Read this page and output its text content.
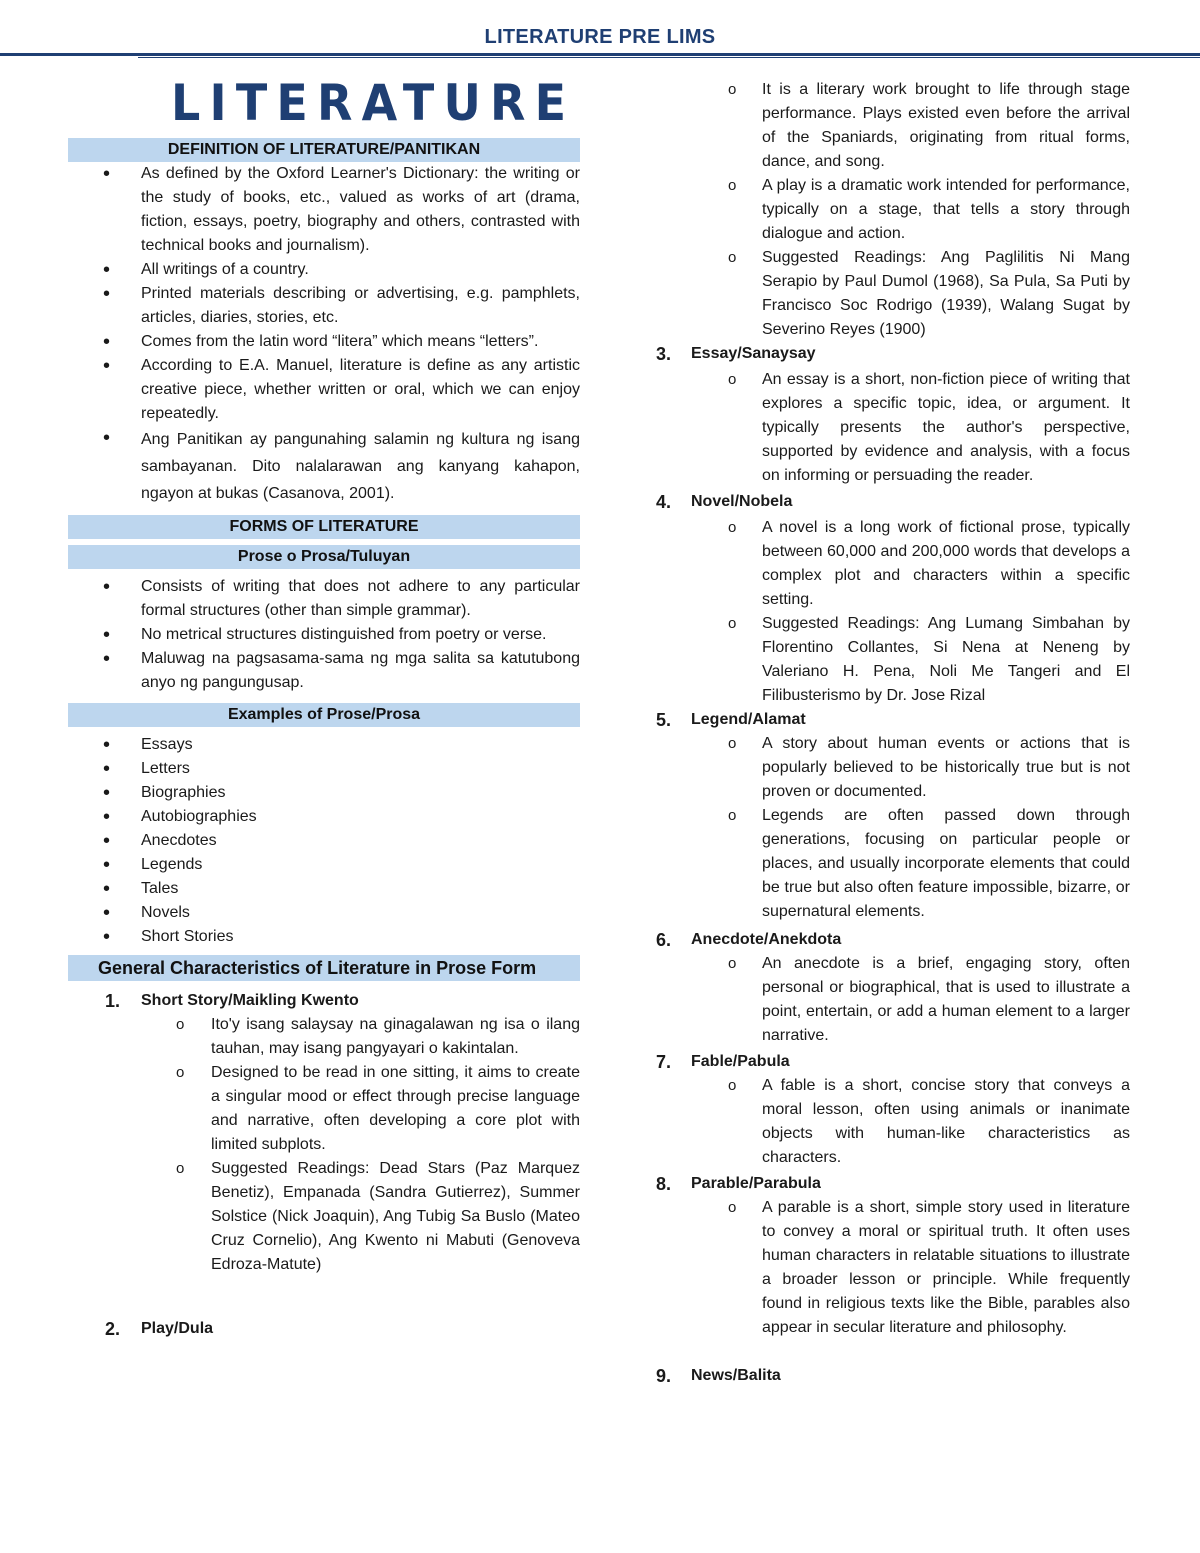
LITERATURE PRE LIMS
LITERATURE
DEFINITION OF LITERATURE/PANITIKAN
• As defined by the Oxford Learner's Dictionary: the writing or the study of books, etc., valued as works of art (drama, fiction, essays, poetry, biography and others, contrasted with technical books and journalism).
• All writings of a country.
• Printed materials describing or advertising, e.g. pamphlets, articles, diaries, stories, etc.
• Comes from the latin word “litera” which means “letters”.
• According to E.A. Manuel, literature is define as any artistic creative piece, whether written or oral, which we can enjoy repeatedly.
• Ang Panitikan ay pangunahing salamin ng kultura ng isang sambayanan. Dito nalalarawan ang kanyang kahapon, ngayon at bukas (Casanova, 2001).
FORMS OF LITERATURE
Prose o Prosa/Tuluyan
• Consists of writing that does not adhere to any particular formal structures (other than simple grammar).
• No metrical structures distinguished from poetry or verse.
• Maluwag na pagsasama-sama ng mga salita sa katutubong anyo ng pangungusap.
Examples of Prose/Prosa
• Essays
• Letters
• Biographies
• Autobiographies
• Anecdotes
• Legends
• Tales
• Novels
• Short Stories
General Characteristics of Literature in Prose Form
1. Short Story/Maikling Kwento
o Ito'y isang salaysay na ginagalawan ng isa o ilang tauhan, may isang pangyayari o kakintalan.
o Designed to be read in one sitting, it aims to create a singular mood or effect through precise language and narrative, often developing a core plot with limited subplots.
o Suggested Readings: Dead Stars (Paz Marquez Benetiz), Empanada (Sandra Gutierrez), Summer Solstice (Nick Joaquin), Ang Tubig Sa Buslo (Mateo Cruz Cornelio), Ang Kwento ni Mabuti (Genoveva Edroza-Matute)
2. Play/Dula
o It is a literary work brought to life through stage performance. Plays existed even before the arrival of the Spaniards, originating from ritual forms, dance, and song.
o A play is a dramatic work intended for performance, typically on a stage, that tells a story through dialogue and action.
o Suggested Readings: Ang Paglilitis Ni Mang Serapio by Paul Dumol (1968), Sa Pula, Sa Puti by Francisco Soc Rodrigo (1939), Walang Sugat by Severino Reyes (1900)
3. Essay/Sanaysay
o An essay is a short, non-fiction piece of writing that explores a specific topic, idea, or argument. It typically presents the author's perspective, supported by evidence and analysis, with a focus on informing or persuading the reader.
4. Novel/Nobela
o A novel is a long work of fictional prose, typically between 60,000 and 200,000 words that develops a complex plot and characters within a specific setting.
o Suggested Readings: Ang Lumang Simbahan by Florentino Collantes, Si Nena at Neneng by Valeriano H. Pena, Noli Me Tangeri and El Filibusterismo by Dr. Jose Rizal
5. Legend/Alamat
o A story about human events or actions that is popularly believed to be historically true but is not proven or documented.
o Legends are often passed down through generations, focusing on particular people or places, and usually incorporate elements that could be true but also often feature impossible, bizarre, or supernatural elements.
6. Anecdote/Anekdota
o An anecdote is a brief, engaging story, often personal or biographical, that is used to illustrate a point, entertain, or add a human element to a larger narrative.
7. Fable/Pabula
o A fable is a short, concise story that conveys a moral lesson, often using animals or inanimate objects with human-like characteristics as characters.
8. Parable/Parabula
o A parable is a short, simple story used in literature to convey a moral or spiritual truth. It often uses human characters in relatable situations to illustrate a broader lesson or principle. While frequently found in religious texts like the Bible, parables also appear in secular literature and philosophy.
9. News/Balita
